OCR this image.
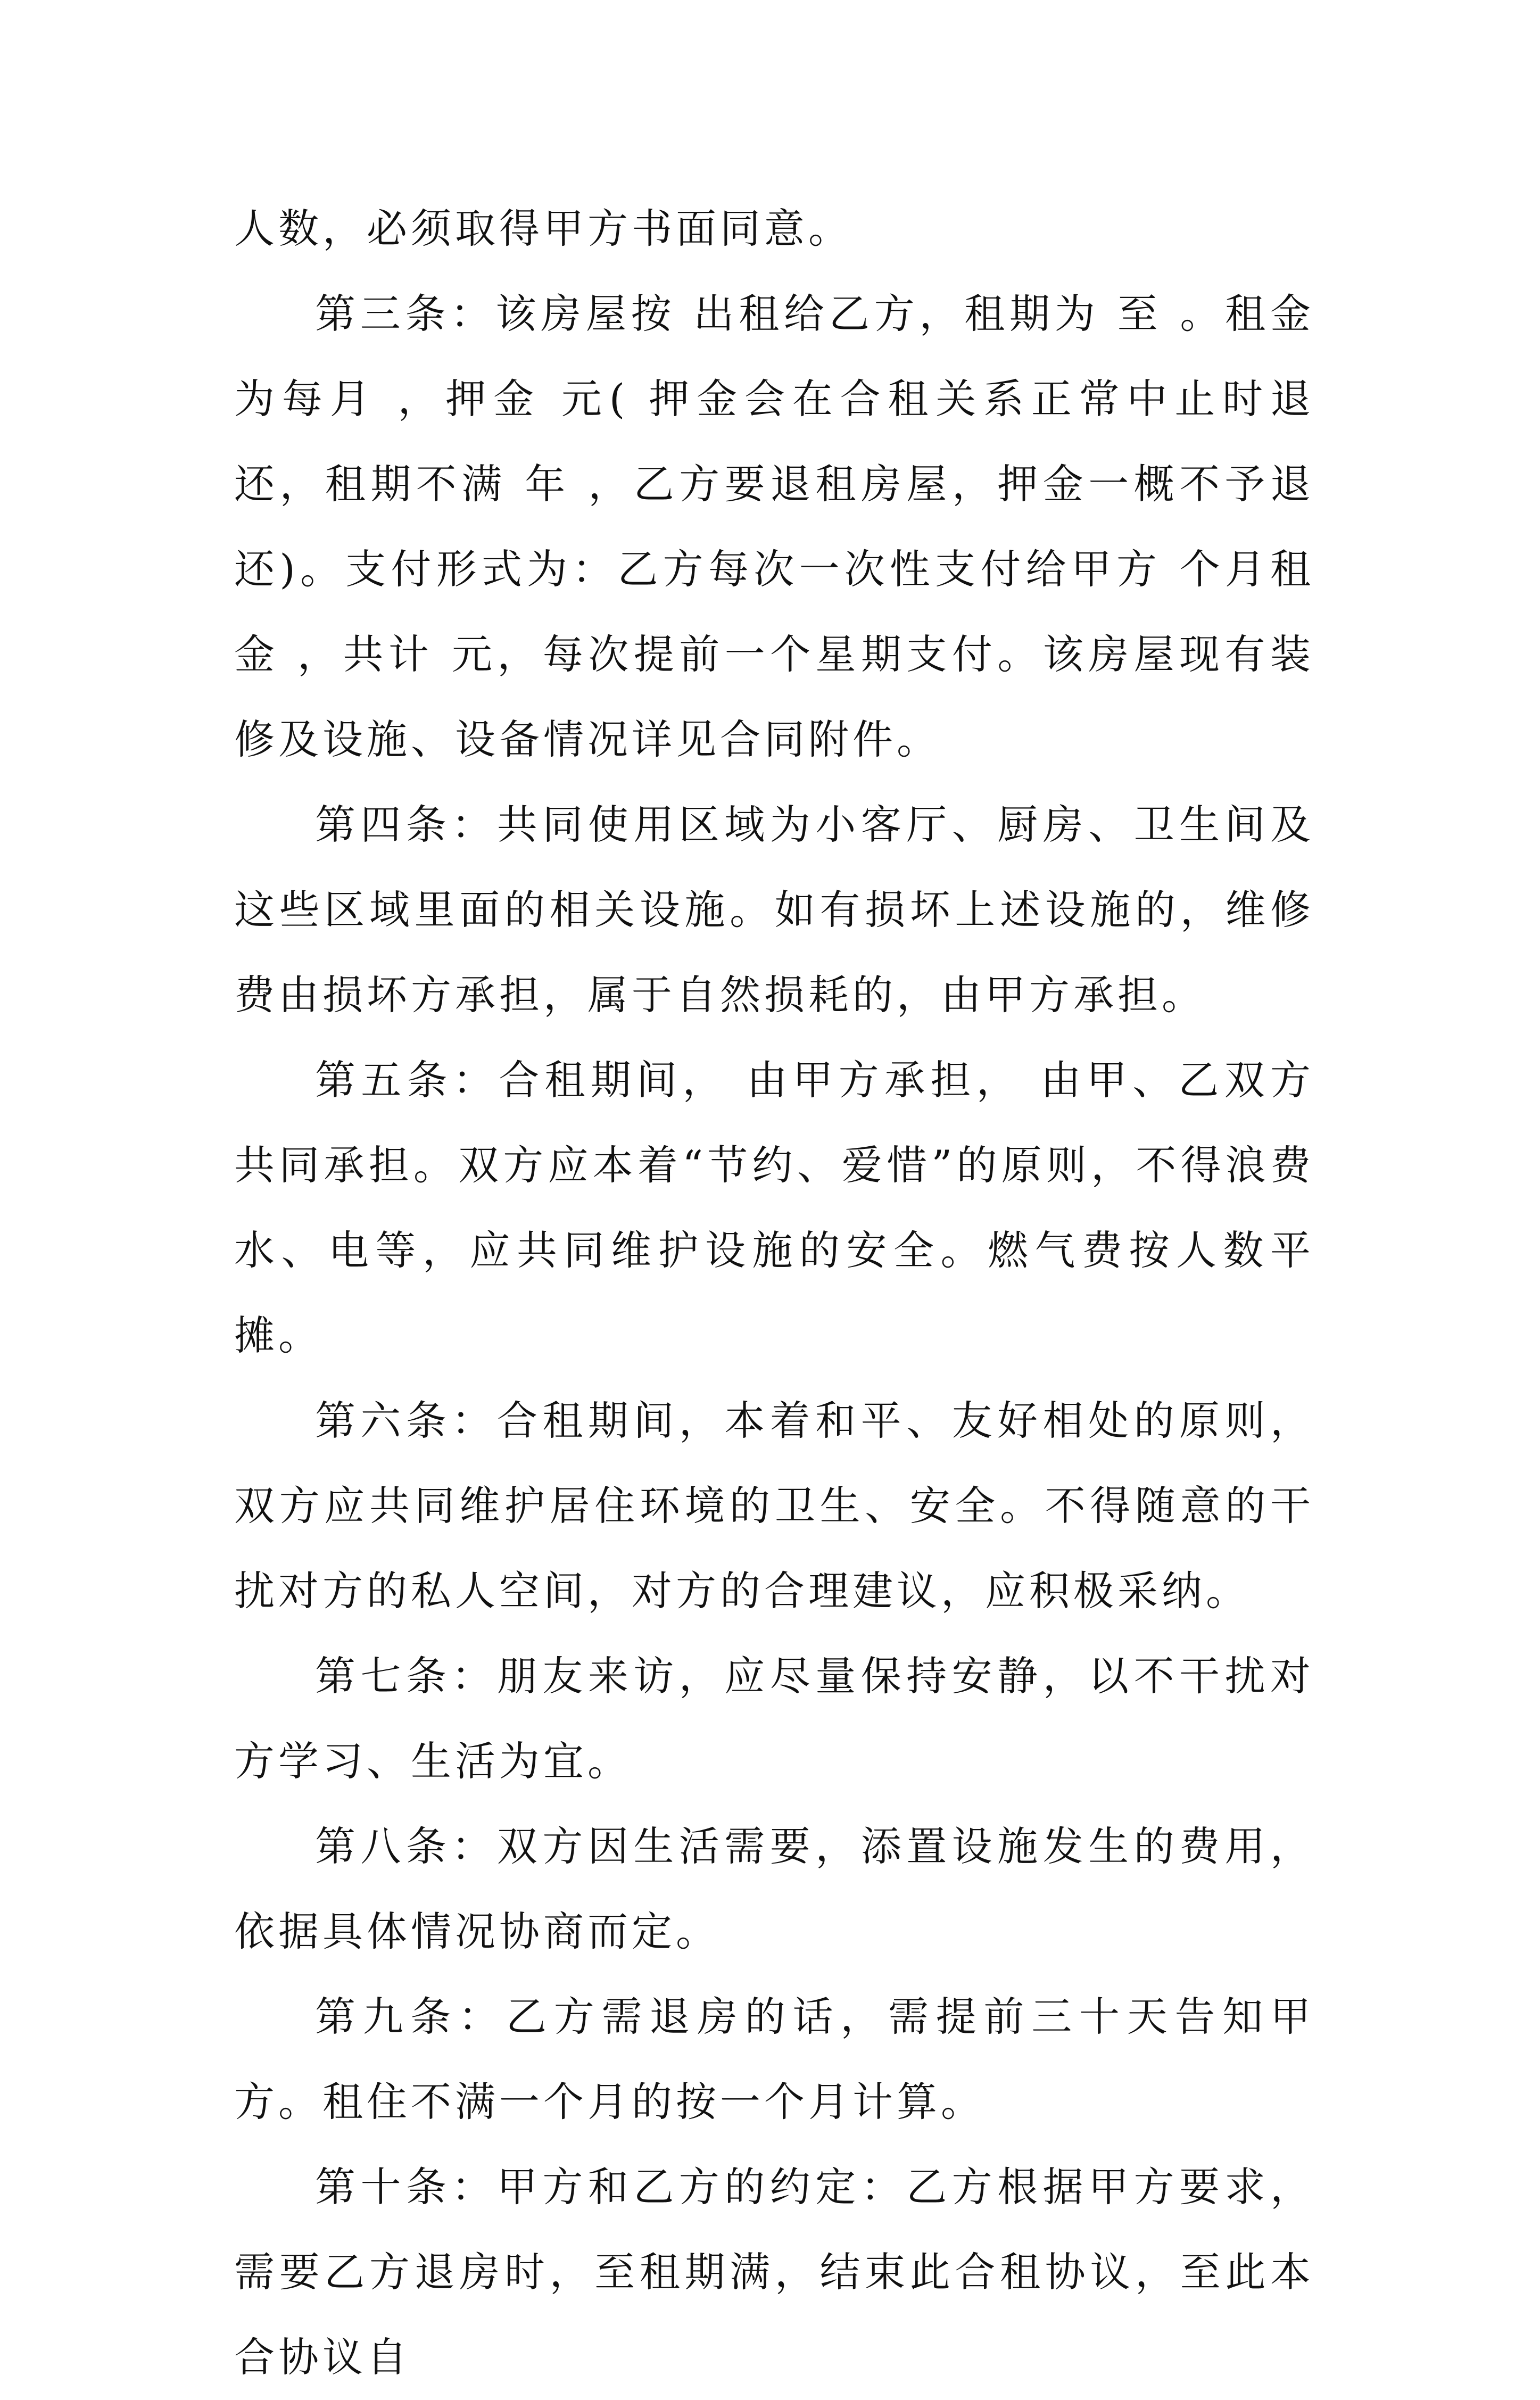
人数，必须取得甲方书面同意。

第三条：该房屋按 出租给乙方，租期为 至 。租金为每月 ，押金 元( 押金会在合租关系正常中止时退还，租期不满 年 ，乙方要退租房屋，押金一概不予退还)。支付形式为：乙方每次一次性支付给甲方 个月租金 ，共计 元，每次提前一个星期支付。该房屋现有装修及设施、设备情况详见合同附件。

第四条：共同使用区域为小客厅、厨房、卫生间及这些区域里面的相关设施。如有损坏上述设施的，维修费由损坏方承担，属于自然损耗的，由甲方承担。

第五条：合租期间， 由甲方承担， 由甲、乙双方共同承担。双方应本着“节约、爱惜”的原则，不得浪费水、电等，应共同维护设施的安全。燃气费按人数平摊。

第六条：合租期间，本着和平、友好相处的原则，双方应共同维护居住环境的卫生、安全。不得随意的干扰对方的私人空间，对方的合理建议，应积极采纳。

第七条：朋友来访，应尽量保持安静，以不干扰对方学习、生活为宜。

第八条：双方因生活需要，添置设施发生的费用，依据具体情况协商而定。

第九条：乙方需退房的话，需提前三十天告知甲方。租住不满一个月的按一个月计算。

第十条：甲方和乙方的约定：乙方根据甲方要求，需要乙方退房时，至租期满，结束此合租协议，至此本合协议自
